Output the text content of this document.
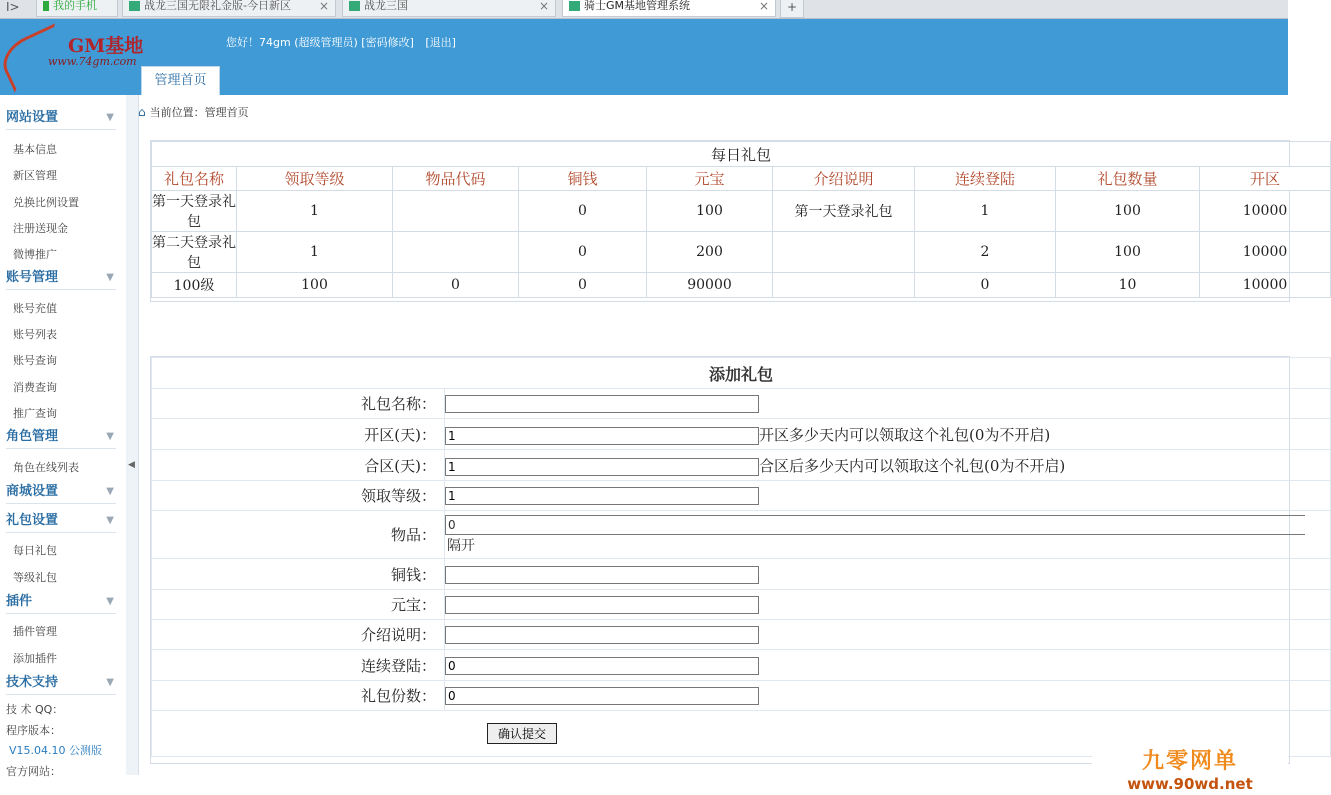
I>	我的手机	战龙三国无限礼金版-今日新区 ×	战龙三国	×	骑士GM基地管理系统	×	+
GM基地
www.74gm.com
您好！74gm (超级管理员) [密码修改] [退出]
管理首页
网站设置	▼
基本信息
新区管理
兑换比例设置
注册送现金
微博推广
账号管理	▼
账号充值
账号列表
账号查询
消费查询
推广查询
角色管理	▼
角色在线列表
商城设置	▼
礼包设置	▼
每日礼包
等级礼包
插件	▼
插件管理
添加插件
技术支持	▼
技 术 QQ：
程序版本：
V15.04.10 公测版
官方网站：
◀
⌂ 当前位置：管理首页
每日礼包								
礼包名称	领取等级	物品代码	铜钱	元宝	介绍说明	连续登陆	礼包数量	开区
第一天登录礼包	1		0	100	第一天登录礼包	1	100	10000
第二天登录礼包	1		0	200		2	100	10000
100级	100	0	0	90000		0	10	10000
添加礼包	
礼包名称：	
开区(天)：	1开区多少天内可以领取这个礼包(0为不开启)
合区(天)：	1合区后多少天内可以领取这个礼包(0为不开启)
领取等级：	1
物品：	0
隔开

铜钱：	
元宝：	
介绍说明：	
连续登陆：	0
礼包份数：	0
确认提交	
九零网单
www.90wd.net
